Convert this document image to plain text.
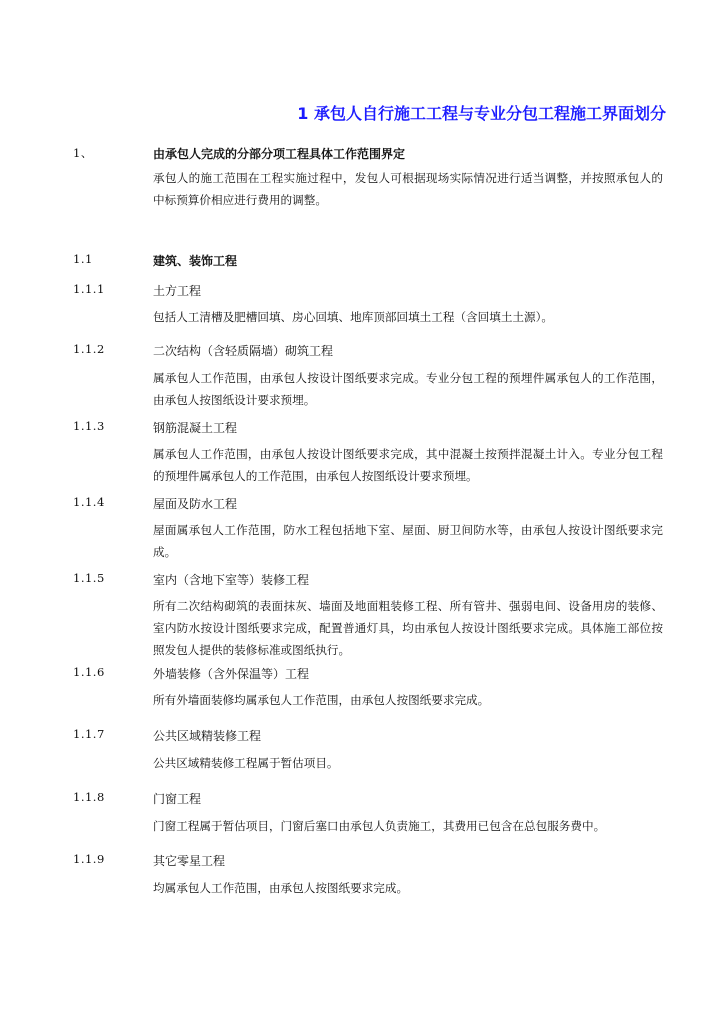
1 承包人自行施工工程与专业分包工程施工界面划分
1、	由承包人完成的分部分项工程具体工作范围界定
承包人的施工范围在工程实施过程中，发包人可根据现场实际情况进行适当调整，并按照承包人的中标预算价相应进行费用的调整。
1.1	建筑、装饰工程
1.1.1	土方工程
包括人工清槽及肥槽回填、房心回填、地库顶部回填土工程（含回填土土源）。
1.1.2	二次结构（含轻质隔墙）砌筑工程
属承包人工作范围，由承包人按设计图纸要求完成。专业分包工程的预埋件属承包人的工作范围，由承包人按图纸设计要求预埋。
1.1.3	钢筋混凝土工程
属承包人工作范围，由承包人按设计图纸要求完成，其中混凝土按预拌混凝土计入。专业分包工程的预埋件属承包人的工作范围，由承包人按图纸设计要求预埋。
1.1.4	屋面及防水工程
屋面属承包人工作范围，防水工程包括地下室、屋面、厨卫间防水等，由承包人按设计图纸要求完成。
1.1.5	室内（含地下室等）装修工程
所有二次结构砌筑的表面抹灰、墙面及地面粗装修工程、所有管井、强弱电间、设备用房的装修、室内防水按设计图纸要求完成，配置普通灯具，均由承包人按设计图纸要求完成。具体施工部位按照发包人提供的装修标准或图纸执行。
1.1.6	外墙装修（含外保温等）工程
所有外墙面装修均属承包人工作范围，由承包人按图纸要求完成。
1.1.7	公共区域精装修工程
公共区域精装修工程属于暂估项目。
1.1.8	门窗工程
门窗工程属于暂估项目，门窗后塞口由承包人负责施工，其费用已包含在总包服务费中。
1.1.9	其它零星工程
均属承包人工作范围，由承包人按图纸要求完成。
